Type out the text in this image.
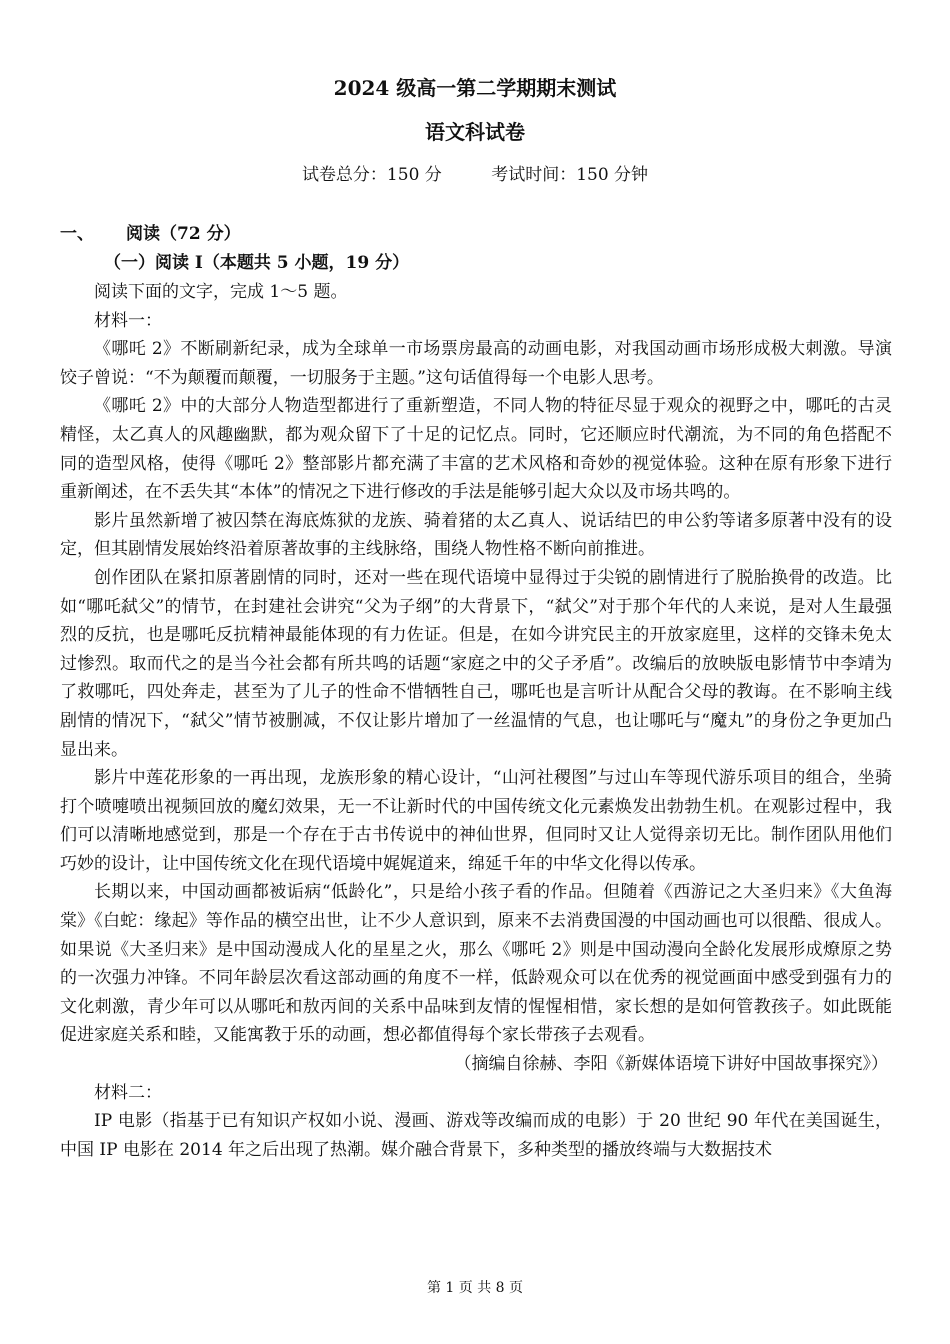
2024 级高一第二学期期末测试
语文科试卷
试卷总分：150 分	考试时间：150 分钟
一、 阅读（72 分）
（一）阅读 I（本题共 5 小题，19 分）

阅读下面的文字，完成 1～5 题。

材料一：

《哪吒 2》不断刷新纪录，成为全球单一市场票房最高的动画电影，对我国动画市场形成极大刺激。导演饺子曾说：“不为颠覆而颠覆，一切服务于主题。”这句话值得每一个电影人思考。

《哪吒 2》中的大部分人物造型都进行了重新塑造，不同人物的特征尽显于观众的视野之中，哪吒的古灵精怪，太乙真人的风趣幽默，都为观众留下了十足的记忆点。同时，它还顺应时代潮流，为不同的角色搭配不同的造型风格，使得《哪吒 2》整部影片都充满了丰富的艺术风格和奇妙的视觉体验。这种在原有形象下进行重新阐述，在不丢失其“本体”的情况之下进行修改的手法是能够引起大众以及市场共鸣的。

影片虽然新增了被囚禁在海底炼狱的龙族、骑着猪的太乙真人、说话结巴的申公豹等诸多原著中没有的设定，但其剧情发展始终沿着原著故事的主线脉络，围绕人物性格不断向前推进。

创作团队在紧扣原著剧情的同时，还对一些在现代语境中显得过于尖锐的剧情进行了脱胎换骨的改造。比如“哪吒弑父”的情节，在封建社会讲究“父为子纲”的大背景下，“弑父”对于那个年代的人来说，是对人生最强烈的反抗，也是哪吒反抗精神最能体现的有力佐证。但是，在如今讲究民主的开放家庭里，这样的交锋未免太过惨烈。取而代之的是当今社会都有所共鸣的话题“家庭之中的父子矛盾”。改编后的放映版电影情节中李靖为了救哪吒，四处奔走，甚至为了儿子的性命不惜牺牲自己，哪吒也是言听计从配合父母的教诲。在不影响主线剧情的情况下，“弑父”情节被删减，不仅让影片增加了一丝温情的气息，也让哪吒与“魔丸”的身份之争更加凸显出来。

影片中莲花形象的一再出现，龙族形象的精心设计，“山河社稷图”与过山车等现代游乐项目的组合，坐骑打个喷嚏喷出视频回放的魔幻效果，无一不让新时代的中国传统文化元素焕发出勃勃生机。在观影过程中，我们可以清晰地感觉到，那是一个存在于古书传说中的神仙世界，但同时又让人觉得亲切无比。制作团队用他们巧妙的设计，让中国传统文化在现代语境中娓娓道来，绵延千年的中华文化得以传承。

长期以来，中国动画都被诟病“低龄化”，只是给小孩子看的作品。但随着《西游记之大圣归来》《大鱼海棠》《白蛇：缘起》等作品的横空出世，让不少人意识到，原来不去消费国漫的中国动画也可以很酷、很成人。如果说《大圣归来》是中国动漫成人化的星星之火，那么《哪吒 2》则是中国动漫向全龄化发展形成燎原之势的一次强力冲锋。不同年龄层次看这部动画的角度不一样，低龄观众可以在优秀的视觉画面中感受到强有力的文化刺激，青少年可以从哪吒和敖丙间的关系中品味到友情的惺惺相惜，家长想的是如何管教孩子。如此既能促进家庭关系和睦，又能寓教于乐的动画，想必都值得每个家长带孩子去观看。

（摘编自徐赫、李阳《新媒体语境下讲好中国故事探究》）

材料二：

IP 电影（指基于已有知识产权如小说、漫画、游戏等改编而成的电影）于 20 世纪 90 年代在美国诞生，中国 IP 电影在 2014 年之后出现了热潮。媒介融合背景下，多种类型的播放终端与大数据技术

第 1 页 共 8 页
